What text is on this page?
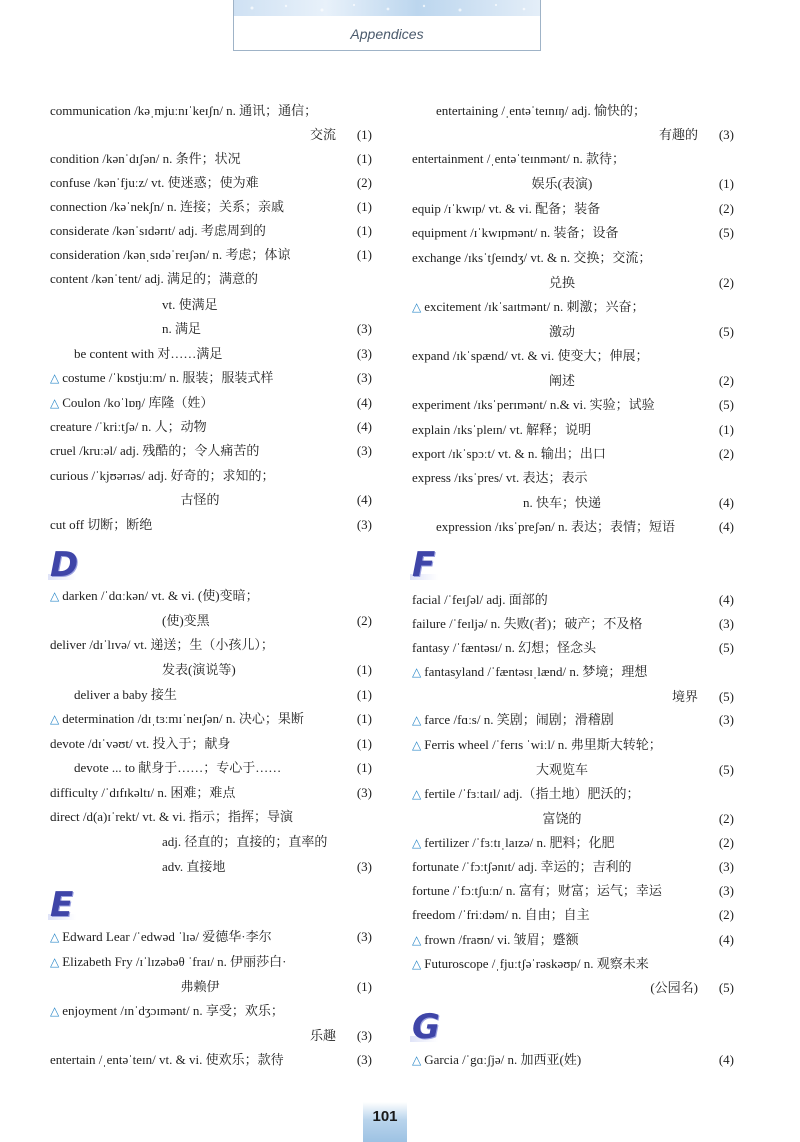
Appendices
communication /kəˌmjuːnɪˈkeɪʃn/ n. 通讯；通信；
交流	(1)
condition /kənˈdɪʃən/ n. 条件；状况	(1)
confuse /kənˈfjuːz/ vt. 使迷惑；使为难	(2)
connection /kəˈnekʃn/ n. 连接；关系；亲戚	(1)
considerate /kənˈsɪdərɪt/ adj. 考虑周到的	(1)
consideration /kənˌsɪdəˈreɪʃən/ n. 考虑；体谅	(1)
content /kənˈtent/ adj. 满足的；满意的
vt. 使满足
n. 满足	(3)
be content with 对……满足	(3)
△ costume /ˈkɒstjuːm/ n. 服装；服装式样	(3)
△ Coulon /koˈlɒŋ/ 库隆（姓）	(4)
creature /ˈkriːtʃə/ n. 人；动物	(4)
cruel /kruːəl/ adj. 残酷的；令人痛苦的	(3)
curious /ˈkjʊərɪəs/ adj. 好奇的；求知的；
古怪的	(4)
cut off 切断；断绝	(3)
△ darken /ˈdɑːkən/ vt. & vi. (使)变暗；
(使)变黑	(2)
deliver /dɪˈlɪvə/ vt. 递送；生（小孩儿）；
发表(演说等)	(1)
deliver a baby 接生	(1)
△ determination /dɪˌtɜːmɪˈneɪʃən/ n. 决心；果断	(1)
devote /dɪˈvəʊt/ vt. 投入于；献身	(1)
devote ... to 献身于……；专心于……	(1)
difficulty /ˈdɪfɪkəltɪ/ n. 困难；难点	(3)
direct /d(a)ɪˈrekt/ vt. & vi. 指示；指挥；导演
adj. 径直的；直接的；直率的
adv. 直接地	(3)
△ Edward Lear /ˈedwəd ˈlɪə/ 爱德华·李尔	(3)
△ Elizabeth Fry /ɪˈlɪzəbəθ ˈfraɪ/ n. 伊丽莎白·
弗赖伊	(1)
△ enjoyment /ɪnˈdʒɔɪmənt/ n. 享受；欢乐；
乐趣	(3)
entertain /ˌentəˈteɪn/ vt. & vi. 使欢乐；款待	(3)
entertaining /ˌentəˈteɪnɪŋ/ adj. 愉快的；
有趣的	(3)
entertainment /ˌentəˈteɪnmənt/ n. 款待；
娱乐(表演)	(1)
equip /ɪˈkwɪp/ vt. & vi. 配备；装备	(2)
equipment /ɪˈkwɪpmənt/ n. 装备；设备	(5)
exchange /ɪksˈtʃeɪndʒ/ vt. & n. 交换；交流；
兑换	(2)
△ excitement /ɪkˈsaɪtmənt/ n. 刺激；兴奋；
激动	(5)
expand /ɪkˈspænd/ vt. & vi. 使变大；伸展；
阐述	(2)
experiment /ɪksˈperɪmənt/ n.& vi. 实验；试验	(5)
explain /ɪksˈpleɪn/ vt. 解释；说明	(1)
export /ɪkˈspɔːt/ vt. & n. 输出；出口	(2)
express /ɪksˈpres/ vt. 表达；表示
n. 快车；快递	(4)
expression /ɪksˈpreʃən/ n. 表达；表情；短语	(4)
facial /ˈfeɪʃəl/ adj. 面部的	(4)
failure /ˈfeɪljə/ n. 失败(者)；破产；不及格	(3)
fantasy /ˈfæntəsɪ/ n. 幻想；怪念头	(5)
△ fantasyland /ˈfæntəsɪˌlænd/ n. 梦境；理想
境界	(5)
△ farce /fɑːs/ n. 笑剧；闹剧；滑稽剧	(3)
△ Ferris wheel /ˈferɪs ˈwiːl/ n. 弗里斯大转轮；
大观览车	(5)
△ fertile /ˈfɜːtaɪl/ adj.（指土地）肥沃的；
富饶的	(2)
△ fertilizer /ˈfɜːtɪˌlaɪzə/ n. 肥料；化肥	(2)
fortunate /ˈfɔːtʃənɪt/ adj. 幸运的；吉利的	(3)
fortune /ˈfɔːtʃuːn/ n. 富有；财富；运气；幸运	(3)
freedom /ˈfriːdəm/ n. 自由；自主	(2)
△ frown /fraʊn/ vi. 皱眉；蹙额	(4)
△ Futuroscope /ˌfjuːtʃəˈrəskəʊp/ n. 观察未来
(公园名)	(5)
△ Garcia /ˈgɑːʃjə/ n. 加西亚(姓)	(4)
101
D
E
F
G
